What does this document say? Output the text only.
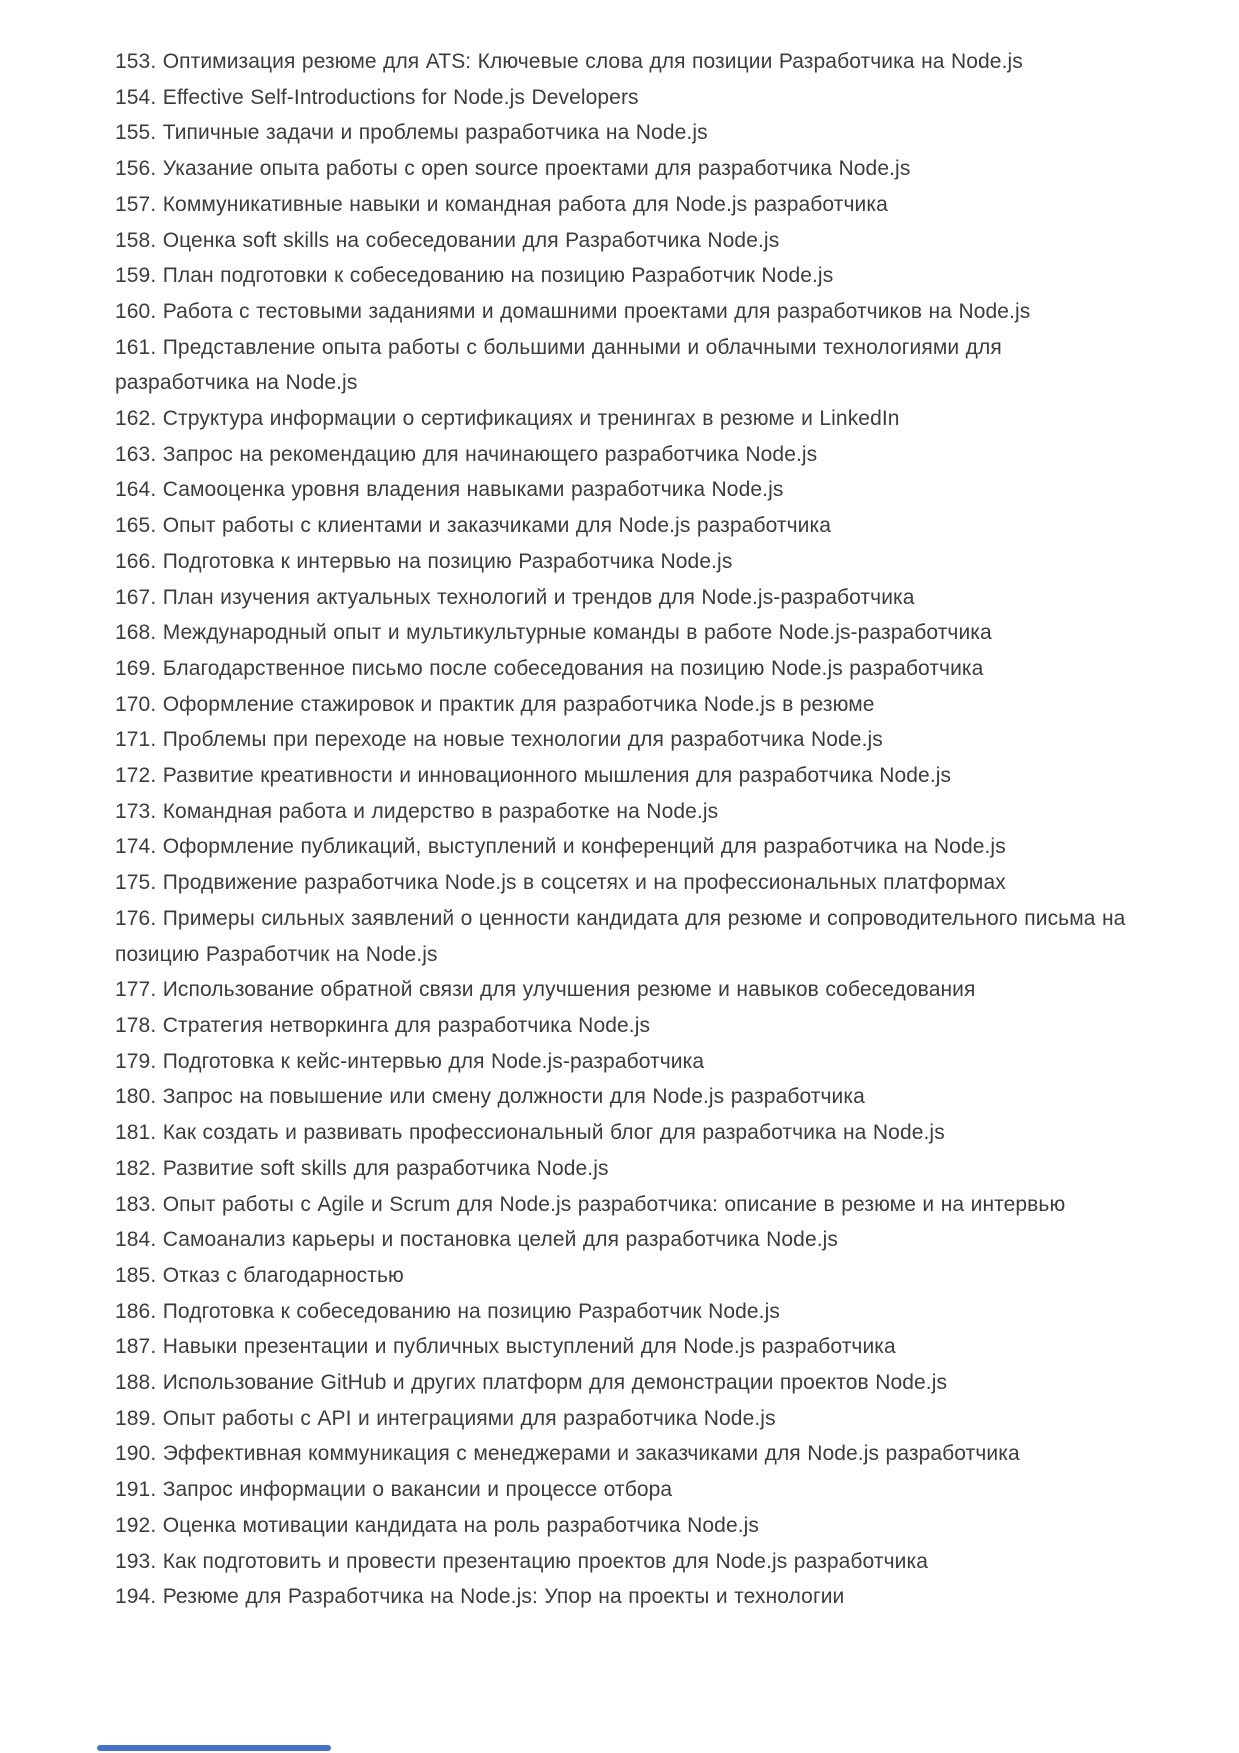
153. Оптимизация резюме для ATS: Ключевые слова для позиции Разработчика на Node.js

154. Effective Self-Introductions for Node.js Developers

155. Типичные задачи и проблемы разработчика на Node.js

156. Указание опыта работы с open source проектами для разработчика Node.js

157. Коммуникативные навыки и командная работа для Node.js разработчика

158. Оценка soft skills на собеседовании для Разработчика Node.js

159. План подготовки к собеседованию на позицию Разработчик Node.js

160. Работа с тестовыми заданиями и домашними проектами для разработчиков на Node.js

161. Представление опыта работы с большими данными и облачными технологиями для разработчика на Node.js

162. Структура информации о сертификациях и тренингах в резюме и LinkedIn

163. Запрос на рекомендацию для начинающего разработчика Node.js

164. Самооценка уровня владения навыками разработчика Node.js

165. Опыт работы с клиентами и заказчиками для Node.js разработчика

166. Подготовка к интервью на позицию Разработчика Node.js

167. План изучения актуальных технологий и трендов для Node.js-разработчика

168. Международный опыт и мультикультурные команды в работе Node.js-разработчика

169. Благодарственное письмо после собеседования на позицию Node.js разработчика

170. Оформление стажировок и практик для разработчика Node.js в резюме

171. Проблемы при переходе на новые технологии для разработчика Node.js

172. Развитие креативности и инновационного мышления для разработчика Node.js

173. Командная работа и лидерство в разработке на Node.js

174. Оформление публикаций, выступлений и конференций для разработчика на Node.js

175. Продвижение разработчика Node.js в соцсетях и на профессиональных платформах

176. Примеры сильных заявлений о ценности кандидата для резюме и сопроводительного письма на позицию Разработчик на Node.js

177. Использование обратной связи для улучшения резюме и навыков собеседования

178. Стратегия нетворкинга для разработчика Node.js

179. Подготовка к кейс-интервью для Node.js-разработчика

180. Запрос на повышение или смену должности для Node.js разработчика

181. Как создать и развивать профессиональный блог для разработчика на Node.js

182. Развитие soft skills для разработчика Node.js

183. Опыт работы с Agile и Scrum для Node.js разработчика: описание в резюме и на интервью

184. Самоанализ карьеры и постановка целей для разработчика Node.js

185. Отказ с благодарностью

186. Подготовка к собеседованию на позицию Разработчик Node.js

187. Навыки презентации и публичных выступлений для Node.js разработчика

188. Использование GitHub и других платформ для демонстрации проектов Node.js

189. Опыт работы с API и интеграциями для разработчика Node.js

190. Эффективная коммуникация с менеджерами и заказчиками для Node.js разработчика

191. Запрос информации о вакансии и процессе отбора

192. Оценка мотивации кандидата на роль разработчика Node.js

193. Как подготовить и провести презентацию проектов для Node.js разработчика

194. Резюме для Разработчика на Node.js: Упор на проекты и технологии
